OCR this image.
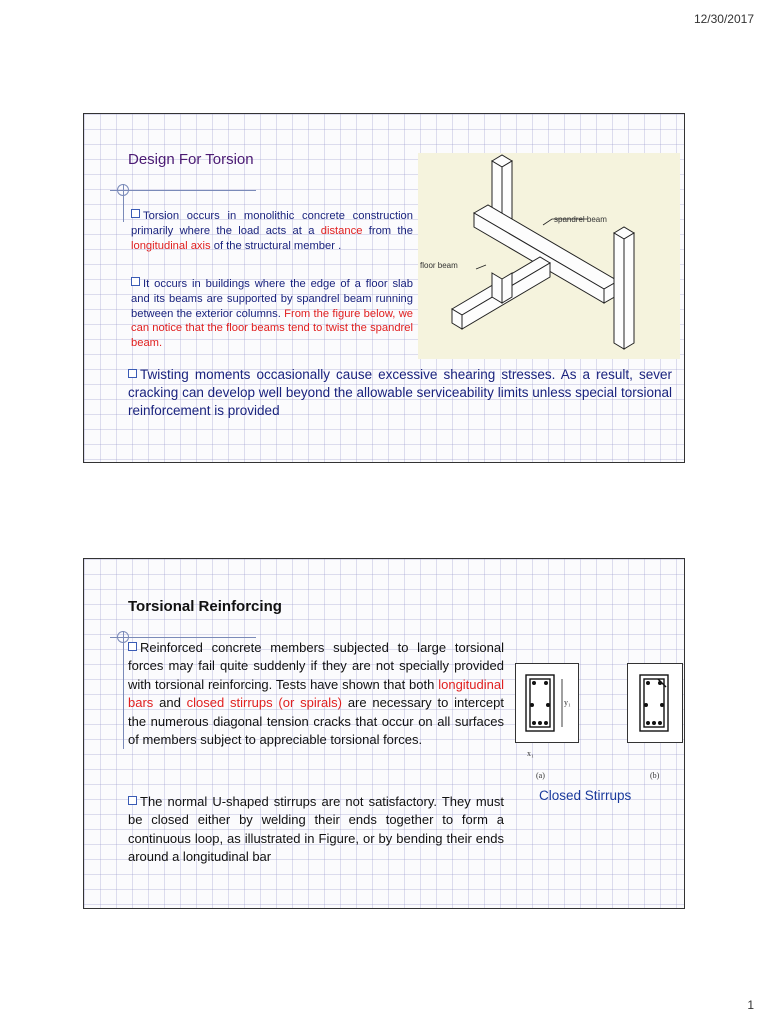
12/30/2017
Design For Torsion
Torsion occurs in monolithic concrete construction primarily where the load acts at a distance from the longitudinal axis of the structural member .
It occurs in buildings where the edge of a floor slab and its beams are supported by spandrel beam running between the exterior columns. From the figure below, we can notice that the floor beams tend to twist the spandrel beam.
spandrel beam
floor beam
Twisting moments occasionally cause excessive shearing stresses. As a result, sever cracking can develop well beyond the allowable serviceability limits unless special torsional reinforcement is provided
Torsional Reinforcing
Reinforced concrete members subjected to large torsional forces may fail quite suddenly if they are not specially provided with torsional reinforcing. Tests have shown that both longitudinal bars and closed stirrups (or spirals) are necessary to intercept the numerous diagonal tension cracks that occur on all surfaces of members subject to appreciable torsional forces.
The normal U-shaped stirrups are not satisfactory. They must be closed either by welding their ends together to form a continuous loop, as illustrated in Figure, or by bending their ends around a longitudinal bar
y₁
x₁
(a)	(b)
Closed Stirrups
1
